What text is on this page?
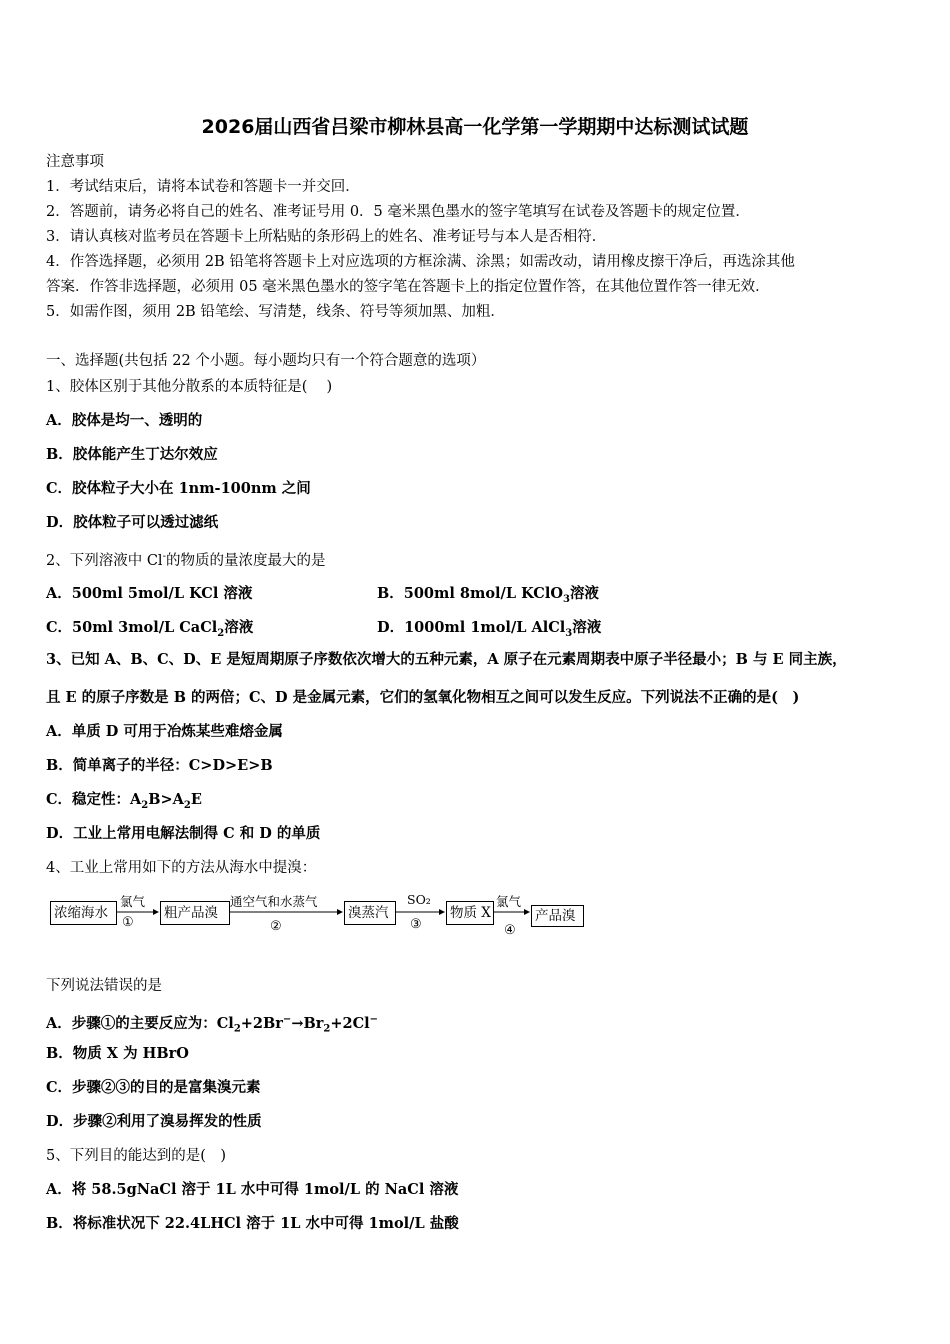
2026届山西省吕梁市柳林县高一化学第一学期期中达标测试试题
注意事项
1．考试结束后，请将本试卷和答题卡一并交回．
2．答题前，请务必将自己的姓名、准考证号用 0．5 毫米黑色墨水的签字笔填写在试卷及答题卡的规定位置．
3．请认真核对监考员在答题卡上所粘贴的条形码上的姓名、准考证号与本人是否相符．
4．作答选择题，必须用 2B 铅笔将答题卡上对应选项的方框涂满、涂黑；如需改动，请用橡皮擦干净后，再选涂其他
答案．作答非选择题，必须用 05 毫米黑色墨水的签字笔在答题卡上的指定位置作答，在其他位置作答一律无效．
5．如需作图，须用 2B 铅笔绘、写清楚，线条、符号等须加黑、加粗．
一、选择题(共包括 22 个小题。每小题均只有一个符合题意的选项）
1、胶体区别于其他分散系的本质特征是(　 )
A．胶体是均一、透明的
B．胶体能产生丁达尔效应
C．胶体粒子大小在 1nm-100nm 之间
D．胶体粒子可以透过滤纸
2、下列溶液中 Cl-的物质的量浓度最大的是
A．500ml 5mol/L KCl 溶液	B．500ml 8mol/L KClO$_3$溶液
C．50ml 3mol/L CaCl$_2$溶液	D．1000ml 1mol/L AlCl$_3$溶液
3、已知 A、B、C、D、E 是短周期原子序数依次增大的五种元素，A 原子在元素周期表中原子半径最小；B 与 E 同主族，
且 E 的原子序数是 B 的两倍；C、D 是金属元素，它们的氢氧化物相互之间可以发生反应。下列说法不正确的是(　)
A．单质 D 可用于冶炼某些难熔金属
B．简单离子的半径：C>D>E>B
C．稳定性：$A_2B>A_2E$
D．工业上常用电解法制得 C 和 D 的单质
4、工业上常用如下的方法从海水中提溴：
浓缩海水	粗产品溴	溴蒸汽	物质 X	产品溴
氯气	通空气和水蒸气	SO₂	氯气
①	②	③	④
下列说法错误的是
A．步骤①的主要反应为：$Cl_2+2Br^-\to Br_2+2Cl^-$
B．物质 X 为 HBrO
C．步骤②③的目的是富集溴元素
D．步骤②利用了溴易挥发的性质
5、下列目的能达到的是(　)
A．将 58.5gNaCl 溶于 1L 水中可得 1mol/L 的 NaCl 溶液
B．将标准状况下 22.4LHCl 溶于 1L 水中可得 1mol/L 盐酸
